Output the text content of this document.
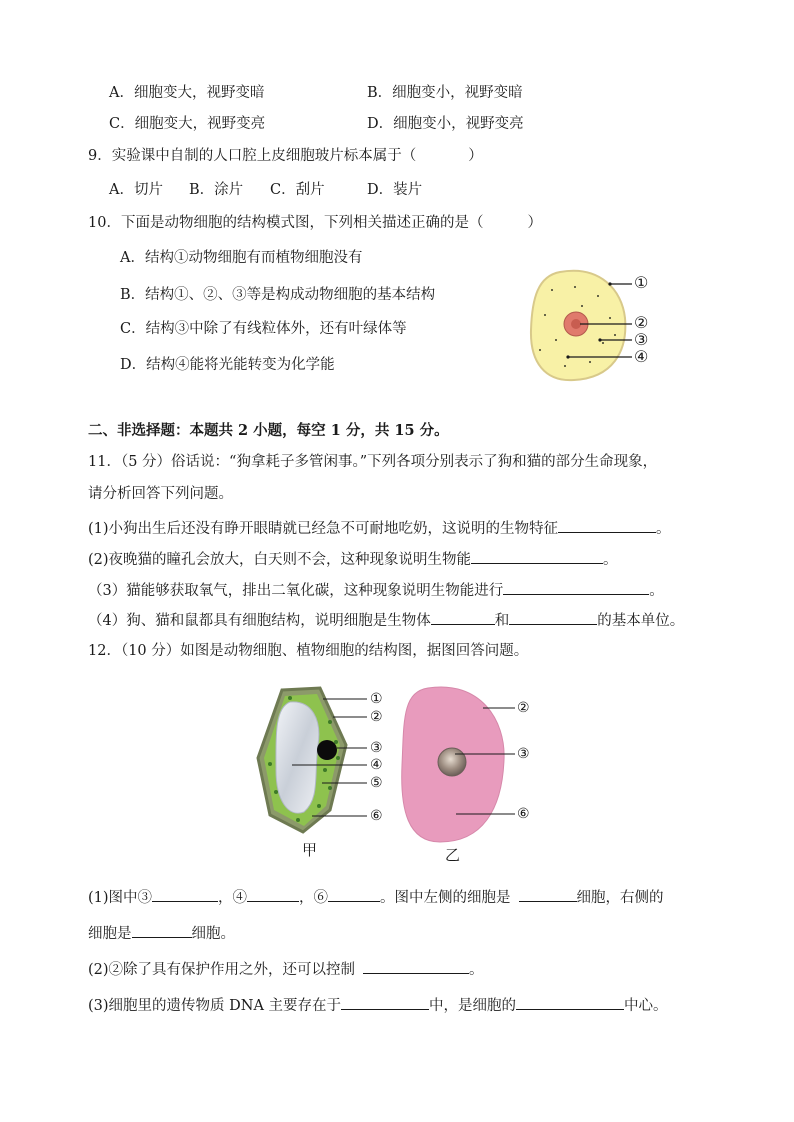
A．细胞变大，视野变暗	B．细胞变小，视野变暗
C．细胞变大，视野变亮	D．细胞变小，视野变亮
9．实验课中自制的人口腔上皮细胞玻片标本属于（	）
A．切片 B．涂片 C．刮片	D．装片
10．下面是动物细胞的结构模式图，下列相关描述正确的是（	）
A．结构①动物细胞有而植物细胞没有
B．结构①、②、③等是构成动物细胞的基本结构
C．结构③中除了有线粒体外，还有叶绿体等
D．结构④能将光能转变为化学能
①
②
③
④
二、非选择题：本题共 2 小题，每空 1 分，共 15 分。
11．（5 分）俗话说：“狗拿耗子多管闲事。”下列各项分别表示了狗和猫的部分生命现象，
请分析回答下列问题。
(1)小狗出生后还没有睁开眼睛就已经急不可耐地吃奶，这说明的生物特征	。
(2)夜晚猫的瞳孔会放大，白天则不会，这种现象说明生物能	。
（3）猫能够获取氧气，排出二氧化碳，这种现象说明生物能进行	。
（4）狗、猫和鼠都具有细胞结构，说明细胞是生物体	和	的基本单位。
12．（10 分）如图是动物细胞、植物细胞的结构图，据图回答问题。
①
②
③
④
⑤
⑥
②
③
⑥
甲	乙
(1)图中③	，④	，⑥	。图中左侧的细胞是	细胞，右侧的
细胞是	细胞。
(2)②除了具有保护作用之外，还可以控制	。
(3)细胞里的遗传物质 DNA 主要存在于	中，是细胞的	中心。
